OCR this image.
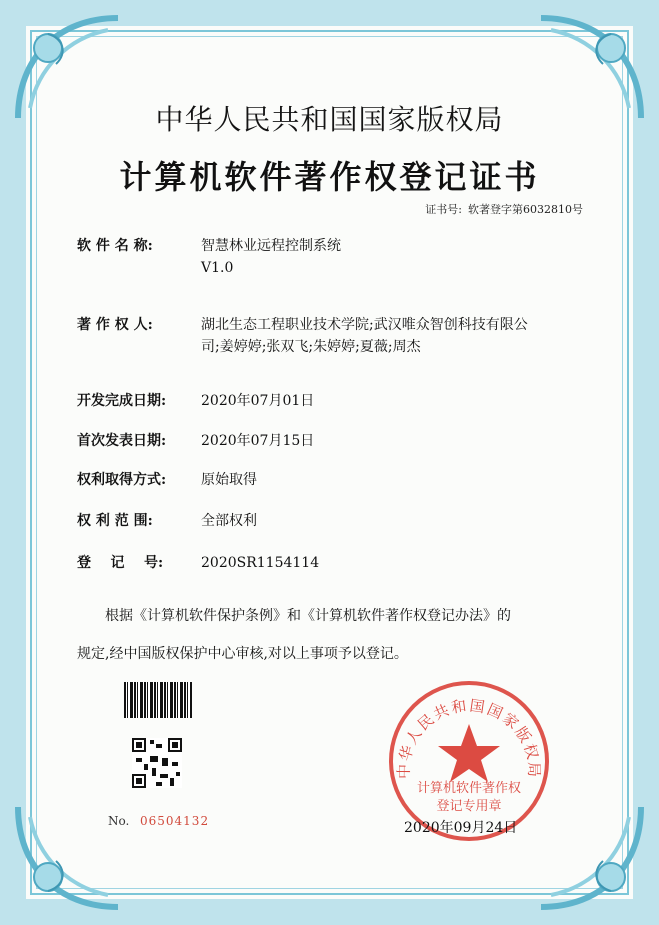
中华人民共和国国家版权局
计算机软件著作权登记证书
证书号: 软著登字第6032810号
软 件 名 称:	智慧林业远程控制系统
V1.0
著 作 权 人:	湖北生态工程职业技术学院;武汉唯众智创科技有限公
司;姜婷婷;张双飞;朱婷婷;夏薇;周杰
开发完成日期:	2020年07月01日
首次发表日期:	2020年07月15日
权利取得方式:	原始取得
权 利 范 围:	全部权利
登    记    号:	2020SR1154114
根据《计算机软件保护条例》和《计算机软件著作权登记办法》的
规定,经中国版权保护中心审核,对以上事项予以登记。
No. 06504132
中华人民共和国国家版权局
计算机软件著作权
登记专用章
2020年09月24日
